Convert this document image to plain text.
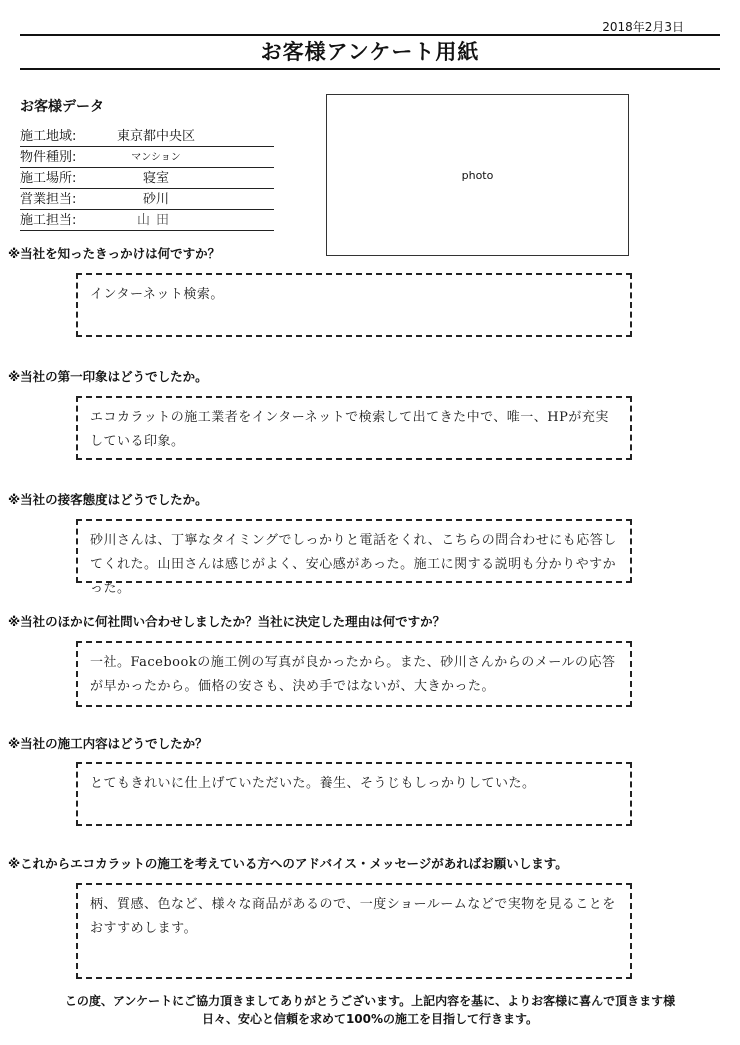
2018年2月3日
お客様アンケート用紙
お客様データ
施工地域:	東京都中央区
物件種別:	マンション
施工場所:	寝室
営業担当:	砂川
施工担当:	山田
photo
※当社を知ったきっかけは何ですか？
インターネット検索。
※当社の第一印象はどうでしたか。
エコカラットの施工業者をインターネットで検索して出てきた中で、唯一、HPが充実している印象。
※当社の接客態度はどうでしたか。
砂川さんは、丁寧なタイミングでしっかりと電話をくれ、こちらの問合わせにも応答してくれた。山田さんは感じがよく、安心感があった。施工に関する説明も分かりやすかった。
※当社のほかに何社問い合わせしましたか？当社に決定した理由は何ですか？
一社。Facebookの施工例の写真が良かったから。また、砂川さんからのメールの応答が早かったから。価格の安さも、決め手ではないが、大きかった。
※当社の施工内容はどうでしたか？
とてもきれいに仕上げていただいた。養生、そうじもしっかりしていた。
※これからエコカラットの施工を考えている方へのアドバイス・メッセージがあればお願いします。
柄、質感、色など、様々な商品があるので、一度ショールームなどで実物を見ることをおすすめします。
この度、アンケートにご協力頂きましてありがとうございます。上記内容を基に、よりお客様に喜んで頂きます様
日々、安心と信頼を求めて100%の施工を目指して行きます。
